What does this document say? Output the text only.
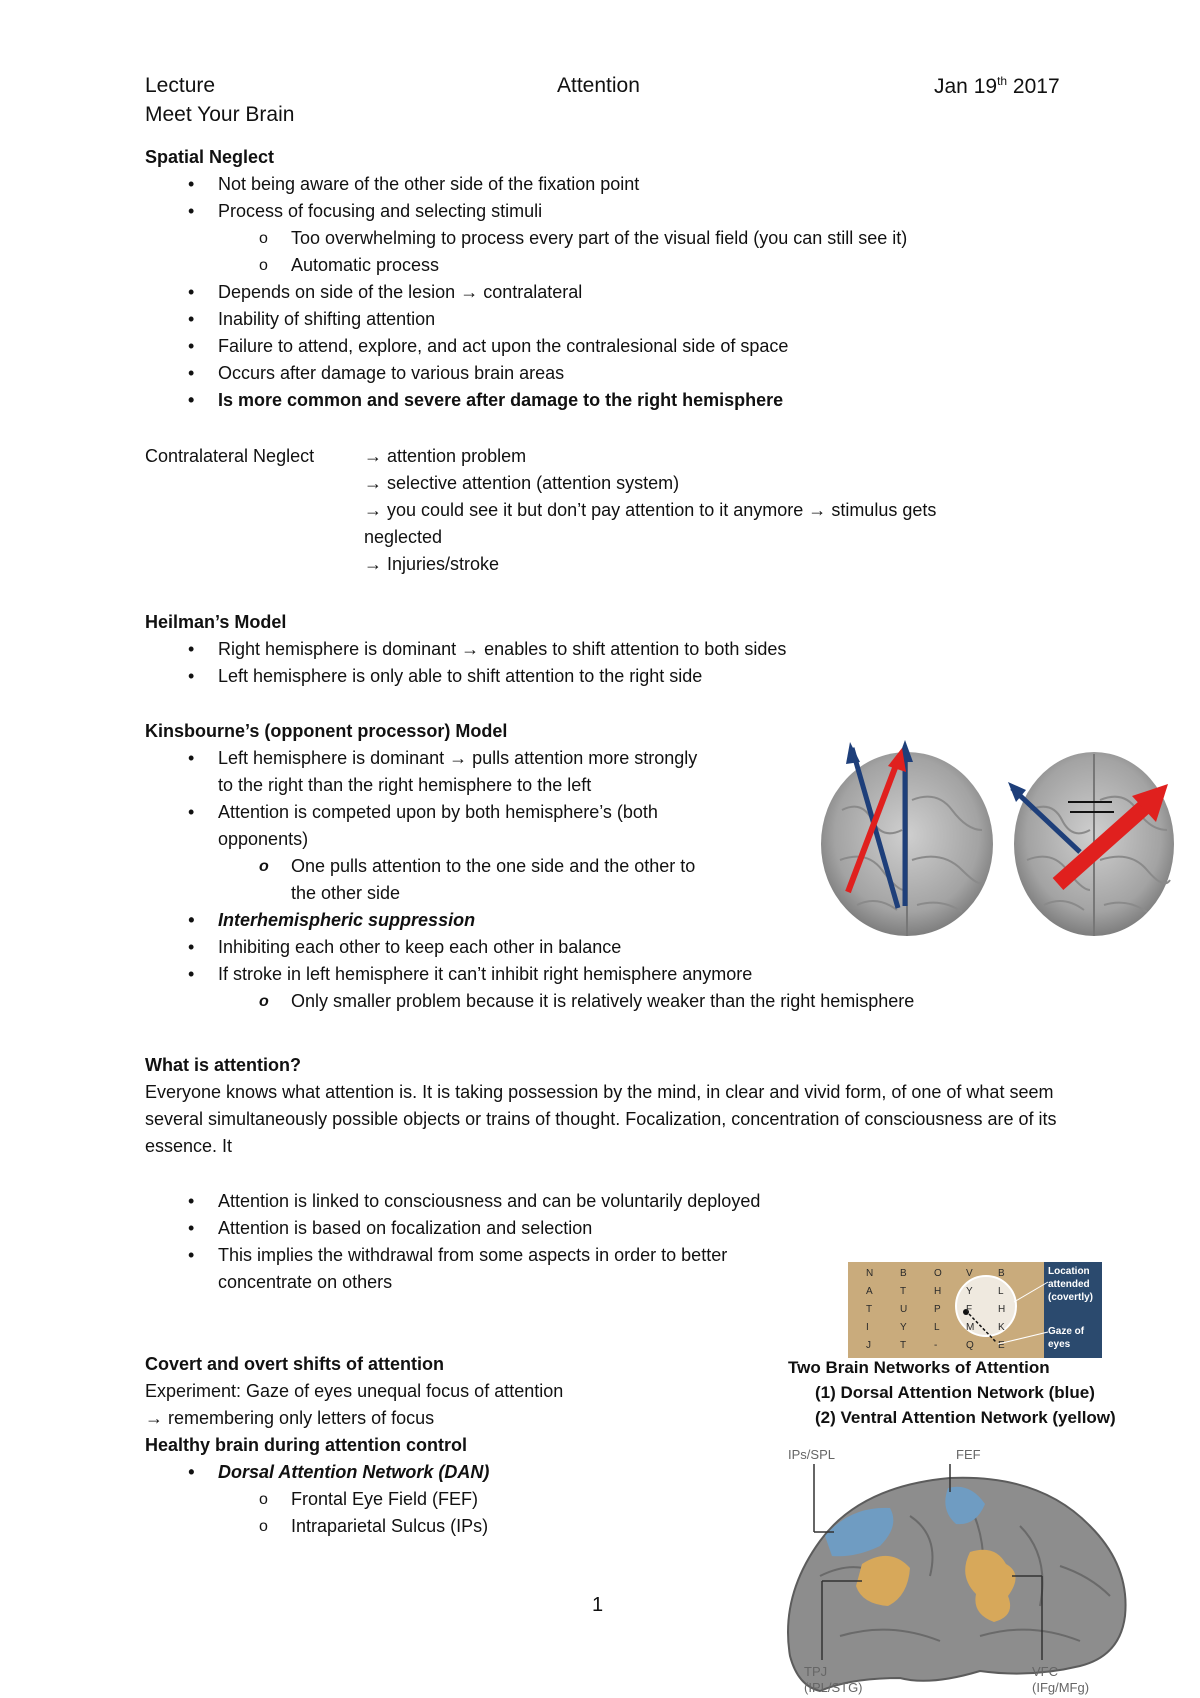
Lecture	Attention	Jan 19th 2017
Meet Your Brain
Spatial Neglect
• Not being aware of the other side of the fixation point
• Process of focusing and selecting stimuli
o Too overwhelming to process every part of the visual field (you can still see it)
o Automatic process
• Depends on side of the lesion → contralateral
• Inability of shifting attention
• Failure to attend, explore, and act upon the contralesional side of space
• Occurs after damage to various brain areas
• Is more common and severe after damage to the right hemisphere
Contralateral Neglect	→ attention problem
→ selective attention (attention system)
→ you could see it but don’t pay attention to it anymore → stimulus gets
neglected
→ Injuries/stroke
Heilman’s Model
• Right hemisphere is dominant → enables to shift attention to both sides
• Left hemisphere is only able to shift attention to the right side
Kinsbourne’s (opponent processor) Model
• Left hemisphere is dominant → pulls attention more strongly
to the right than the right hemisphere to the left
• Attention is competed upon by both hemisphere’s (both
opponents)
o One pulls attention to the one side and the other to
the other side
• Interhemispheric suppression
• Inhibiting each other to keep each other in balance
• If stroke in left hemisphere it can’t inhibit right hemisphere anymore
o Only smaller problem because it is relatively weaker than the right hemisphere
What is attention?
Everyone knows what attention is. It is taking possession by the mind, in clear and vivid form, of one of what seem several simultaneously possible objects or trains of thought. Focalization, concentration of consciousness are of its essence. It
• Attention is linked to consciousness and can be voluntarily deployed
• Attention is based on focalization and selection
• This implies the withdrawal from some aspects in order to better
concentrate on others	N
A
T
I
J
B
T
U
Y
T
O
H
P
L
-
V
Y
F
M
Q
B
L
H
K
E
Location
attended
(covertly)
Gaze of
eyes
Two Brain Networks of Attention
(1) Dorsal Attention Network (blue)
(2) Ventral Attention Network (yellow)
Covert and overt shifts of attention
Experiment: Gaze of eyes unequal focus of attention
→ remembering only letters of focus
Healthy brain during attention control
• Dorsal Attention Network (DAN)
o Frontal Eye Field (FEF)
o Intraparietal Sulcus (IPs)
IPs/SPL	FEF
TPJ
(IPL/STG)
VFC
(IFg/MFg)
1
